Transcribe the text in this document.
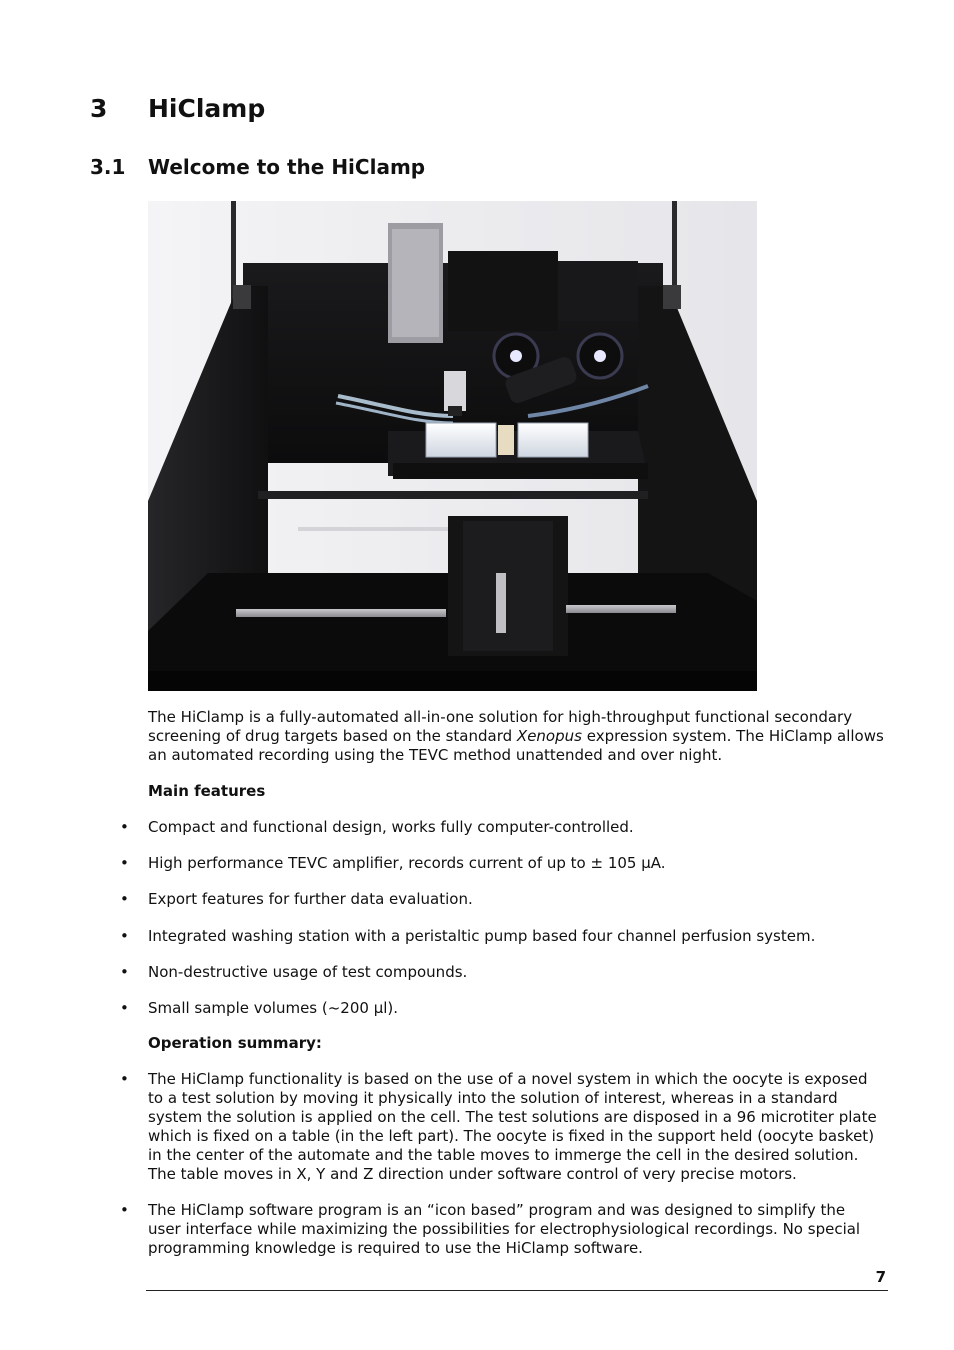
3 HiClamp
3.1 Welcome to the HiClamp

The HiClamp is a fully-automated all-in-one solution for high-throughput functional secondary screening of drug targets based on the standard Xenopus expression system. The HiClamp allows an automated recording using the TEVC method unattended and over night.

Main features

• Compact and functional design, works fully computer-controlled.
• High performance TEVC amplifier, records current of up to ± 105 µA.
• Export features for further data evaluation.
• Integrated washing station with a peristaltic pump based four channel perfusion system.
• Non-destructive usage of test compounds.
• Small sample volumes (~200 µl).

Operation summary:

• The HiClamp functionality is based on the use of a novel system in which the oocyte is exposed to a test solution by moving it physically into the solution of interest, whereas in a standard system the solution is applied on the cell. The test solutions are disposed in a 96 microtiter plate which is fixed on a table (in the left part). The oocyte is fixed in the support held (oocyte basket) in the center of the automate and the table moves to immerge the cell in the desired solution. The table moves in X, Y and Z direction under software control of very precise motors.
• The HiClamp software program is an “icon based” program and was designed to simplify the user interface while maximizing the possibilities for electrophysiological recordings. No special programming knowledge is required to use the HiClamp software.
7
